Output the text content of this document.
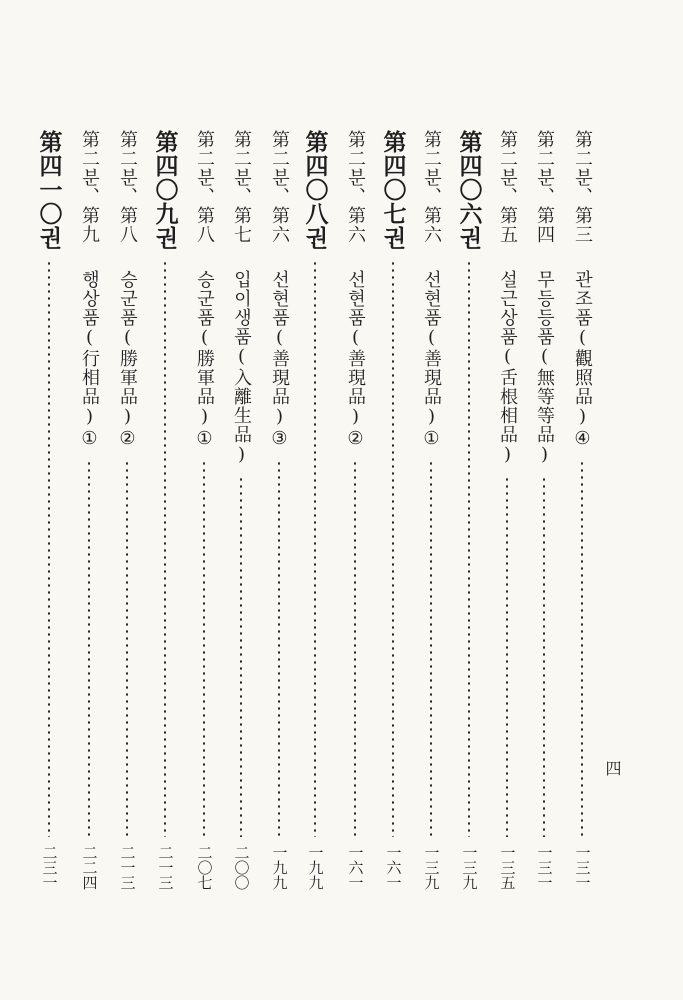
第二분、第三
관조품(觀照品)④
一三一
第二분、第四
무등등품(無等等品)
一三一
第二분、第五
설근상품(舌根相品)
一三五
第四〇六권
一三九
第二분、第六
선현품(善現品)①
一三九
第四〇七권
一六一
第二분、第六
선현품(善現品)②
一六一
第四〇八권
一九九
第二분、第六
선현품(善現品)③
一九九
第二분、第七
입이생품(入離生品)
二〇〇
第二분、第八
승군품(勝軍品)①
二〇七
第四〇九권
二一三
第二분、第八
승군품(勝軍品)②
二一三
第二분、第九
행상품(行相品)①
二二四
第四一〇권
二三一
四
